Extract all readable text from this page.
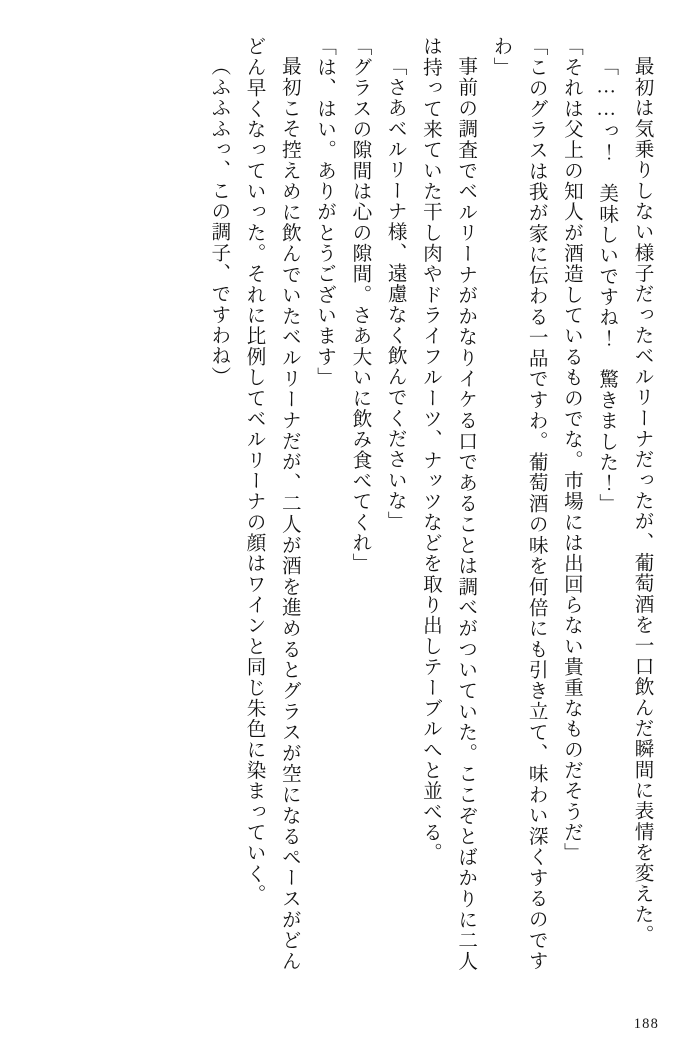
最初は気乗りしない様子だったベルリーナだったが、葡萄酒を一口飲んだ瞬間に表情を変えた。

「……っ！　美味しいですね！　驚きました！」

「それは父上の知人が酒造しているものでな。市場には出回らない貴重なものだそうだ」

「このグラスは我が家に伝わる一品ですわ。葡萄酒の味を何倍にも引き立て、味わい深くするのですわ」

事前の調査でベルリーナがかなりイケる口であることは調べがついていた。ここぞとばかりに二人は持って来ていた干し肉やドライフルーツ、ナッツなどを取り出しテーブルへと並べる。

「さあベルリーナ様、遠慮なく飲んでくださいな」

「グラスの隙間は心の隙間。さあ大いに飲み食べてくれ」

「は、はい。ありがとうございます」

最初こそ控えめに飲んでいたベルリーナだが、二人が酒を進めるとグラスが空になるペースがどんどん早くなっていった。それに比例してベルリーナの顔はワインと同じ朱色に染まっていく。

（ふふふっ、この調子、ですわね）

188
